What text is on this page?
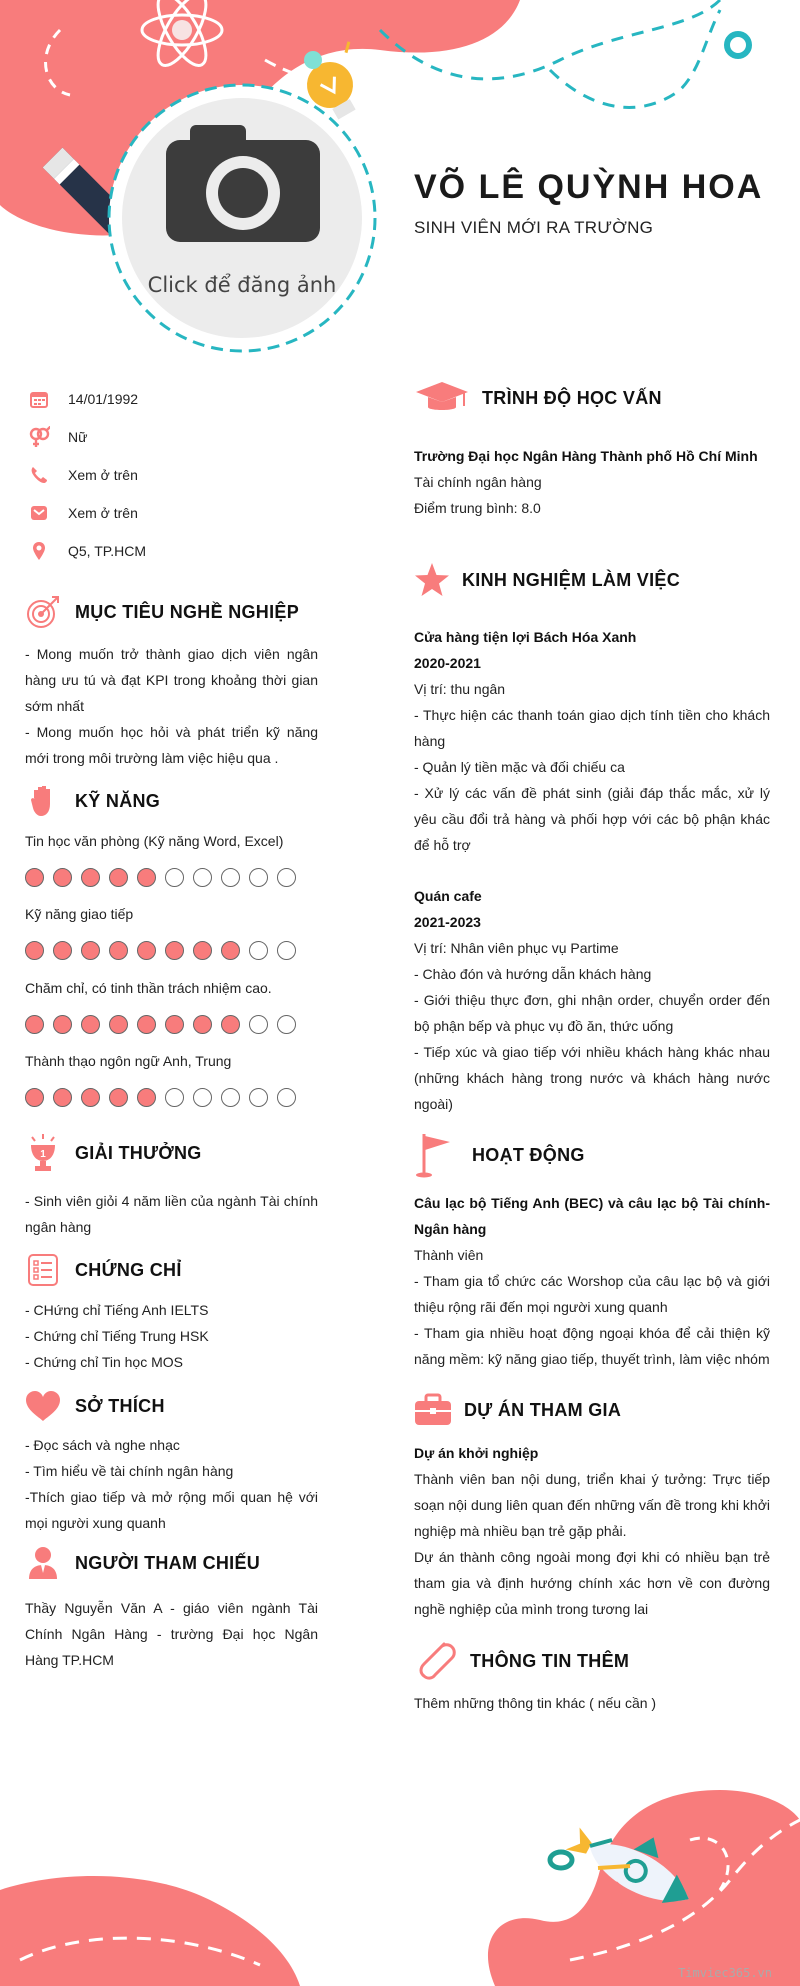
Click để đăng ảnh
VÕ LÊ QUỲNH HOA
SINH VIÊN MỚI RA TRƯỜNG
14/01/1992
Nữ
Xem ở trên
Xem ở trên
Q5, TP.HCM
MỤC TIÊU NGHỀ NGHIỆP

- Mong muốn trở thành giao dịch viên ngân hàng ưu tú và đạt KPI trong khoảng thời gian sớm nhất

- Mong muốn học hỏi và phát triển kỹ năng mới trong môi trường làm việc hiệu qua .

KỸ NĂNG
Tin học văn phòng (Kỹ năng Word, Excel)
Kỹ năng giao tiếp
Chăm chỉ, có tinh thần trách nhiệm cao.
Thành thạo ngôn ngữ Anh, Trung
1 GIẢI THƯỞNG

- Sinh viên giỏi 4 năm liền của ngành Tài chính ngân hàng

CHỨNG CHỈ

- CHứng chỉ Tiếng Anh IELTS

- Chứng chỉ Tiếng Trung HSK

- Chứng chỉ Tin học MOS

SỞ THÍCH

- Đọc sách và nghe nhạc

- Tìm hiểu về tài chính ngân hàng

-Thích giao tiếp và mở rộng mối quan hệ với mọi người xung quanh

NGƯỜI THAM CHIẾU

Thầy Nguyễn Văn A - giáo viên ngành Tài Chính Ngân Hàng - trường Đại học Ngân Hàng TP.HCM

TRÌNH ĐỘ HỌC VẤN

Trường Đại học Ngân Hàng Thành phố Hồ Chí Minh

Tài chính ngân hàng

Điểm trung bình: 8.0

KINH NGHIỆM LÀM VIỆC

Cửa hàng tiện lợi Bách Hóa Xanh

2020-2021

Vị trí: thu ngân

- Thực hiện các thanh toán giao dịch tính tiền cho khách hàng

- Quản lý tiền mặc và đối chiếu ca

- Xử lý các vấn đề phát sinh (giải đáp thắc mắc, xử lý yêu cầu đổi trả hàng và phối hợp với các bộ phận khác để hỗ trợ

Quán cafe

2021-2023

Vị trí: Nhân viên phục vụ Partime

- Chào đón và hướng dẫn khách hàng

- Giới thiệu thực đơn, ghi nhận order, chuyển order đến bộ phận bếp và phục vụ đồ ăn, thức uống

- Tiếp xúc và giao tiếp với nhiều khách hàng khác nhau (những khách hàng trong nước và khách hàng nước ngoài)

HOẠT ĐỘNG

Câu lạc bộ Tiếng Anh (BEC) và câu lạc bộ Tài chính- Ngân hàng

Thành viên

- Tham gia tổ chức các Worshop của câu lạc bộ và giới thiệu rộng rãi đến mọi người xung quanh

- Tham gia nhiều hoạt động ngoại khóa để cải thiện kỹ năng mềm: kỹ năng giao tiếp, thuyết trình, làm việc nhóm

DỰ ÁN THAM GIA

Dự án khởi nghiệp

Thành viên ban nội dung, triển khai ý tưởng: Trực tiếp soạn nội dung liên quan đến những vấn đề trong khi khởi nghiệp mà nhiều bạn trẻ gặp phải.

Dự án thành công ngoài mong đợi khi có nhiều bạn trẻ tham gia và định hướng chính xác hơn về con đường nghề nghiệp của mình trong tương lai

THÔNG TIN THÊM

Thêm những thông tin khác ( nếu cần )

Timviec365.vn
